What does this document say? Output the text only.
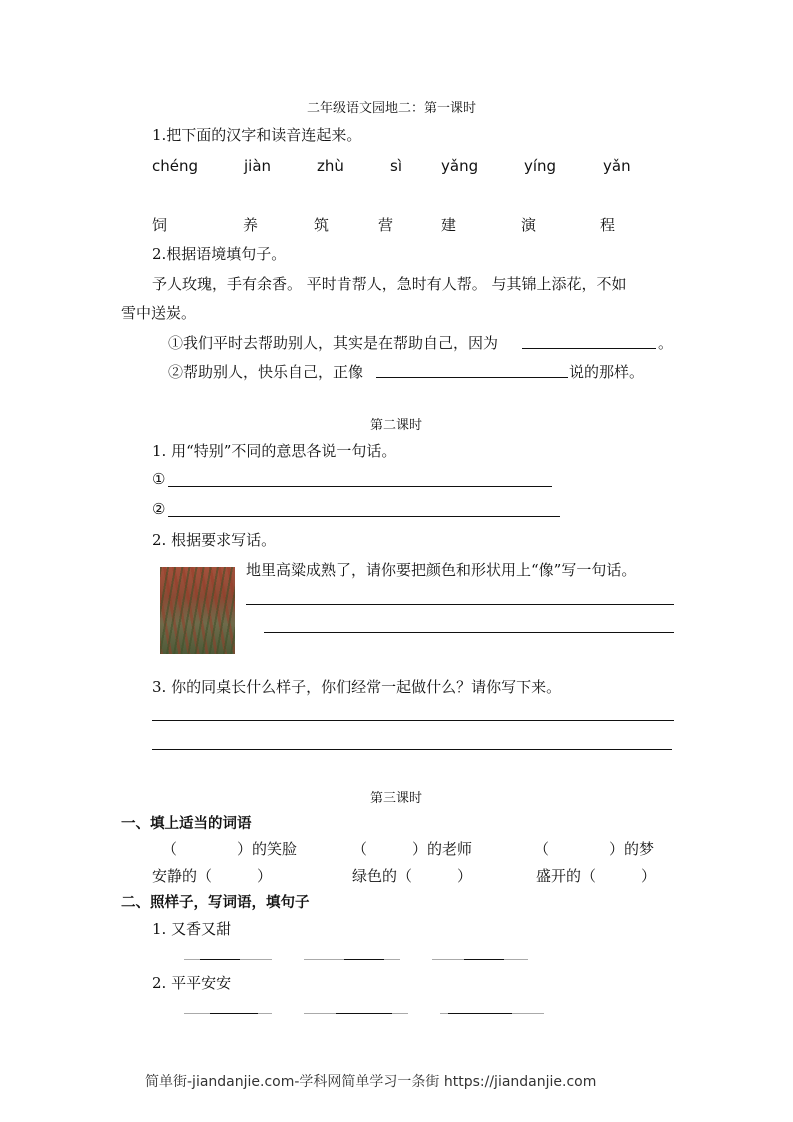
二年级语文园地二：第一课时
1.把下面的汉字和读音连起来。
chéng	jiàn	zhù	sì	yǎng	yíng	yǎn
饲	养	筑	营	建	演	程
2.根据语境填句子。
予人玫瑰，手有余香。 平时肯帮人，急时有人帮。 与其锦上添花，不如
雪中送炭。
①我们平时去帮助别人，其实是在帮助自己，因为	。
②帮助别人，快乐自己，正像	说的那样。
第二课时
1. 用“特别”不同的意思各说一句话。
①
②
2. 根据要求写话。
地里高粱成熟了，请你要把颜色和形状用上“像”写一句话。
3. 你的同桌长什么样子，你们经常一起做什么？请你写下来。
第三课时
一、填上适当的词语
（　　　　）的笑脸	（　　　）的老师	（　　　　）的梦
安静的（　　　）	绿色的（　　　）	盛开的（　　　）
二、照样子，写词语，填句子
1. 又香又甜
2. 平平安安
简单街-jiandanjie.com-学科网简单学习一条街 https://jiandanjie.com
